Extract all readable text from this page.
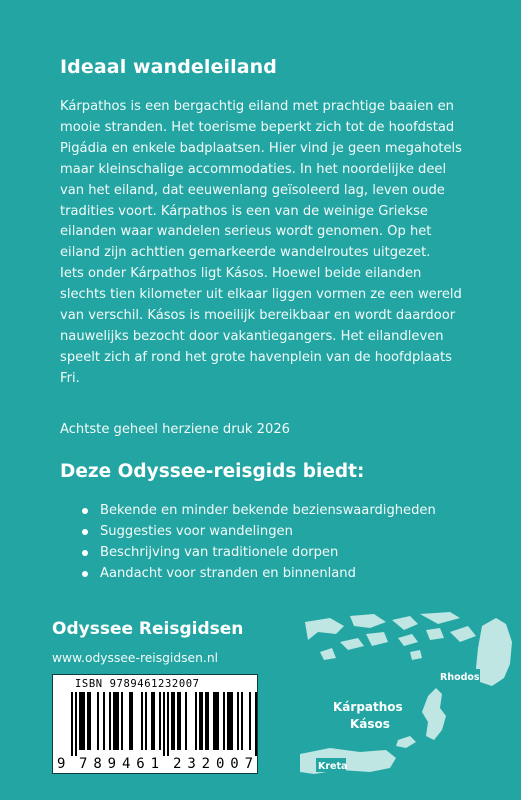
Ideaal wandeleiland

Kárpathos is een bergachtig eiland met prachtige baaien en mooie stranden. Het toerisme beperkt zich tot de hoofdstad Pigádia en enkele badplaatsen. Hier vind je geen megahotels maar kleinschalige accommodaties. In het noordelijke deel van het eiland, dat eeuwenlang geïsoleerd lag, leven oude tradities voort. Kárpathos is een van de weinige Griekse eilanden waar wandelen serieus wordt genomen. Op het eiland zijn achttien gemarkeerde wandelroutes uitgezet.

Iets onder Kárpathos ligt Kásos. Hoewel beide eilanden slechts tien kilometer uit elkaar liggen vormen ze een wereld van verschil. Kásos is moeilijk bereikbaar en wordt daardoor nauwelijks bezocht door vakantiegangers. Het eilandleven speelt zich af rond het grote havenplein van de hoofdplaats Fri.

Achtste geheel herziene druk 2026
Deze Odyssee-reisgids biedt:
Bekende en minder bekende bezienswaardigheden
Suggesties voor wandelingen
Beschrijving van traditionele dorpen
Aandacht voor stranden en binnenland
Odyssee Reisgidsen
www.odyssee-reisgidsen.nl
ISBN 9789461232007
9 789461 232007
Rhodos
Kárpathos
Kásos
Kreta
